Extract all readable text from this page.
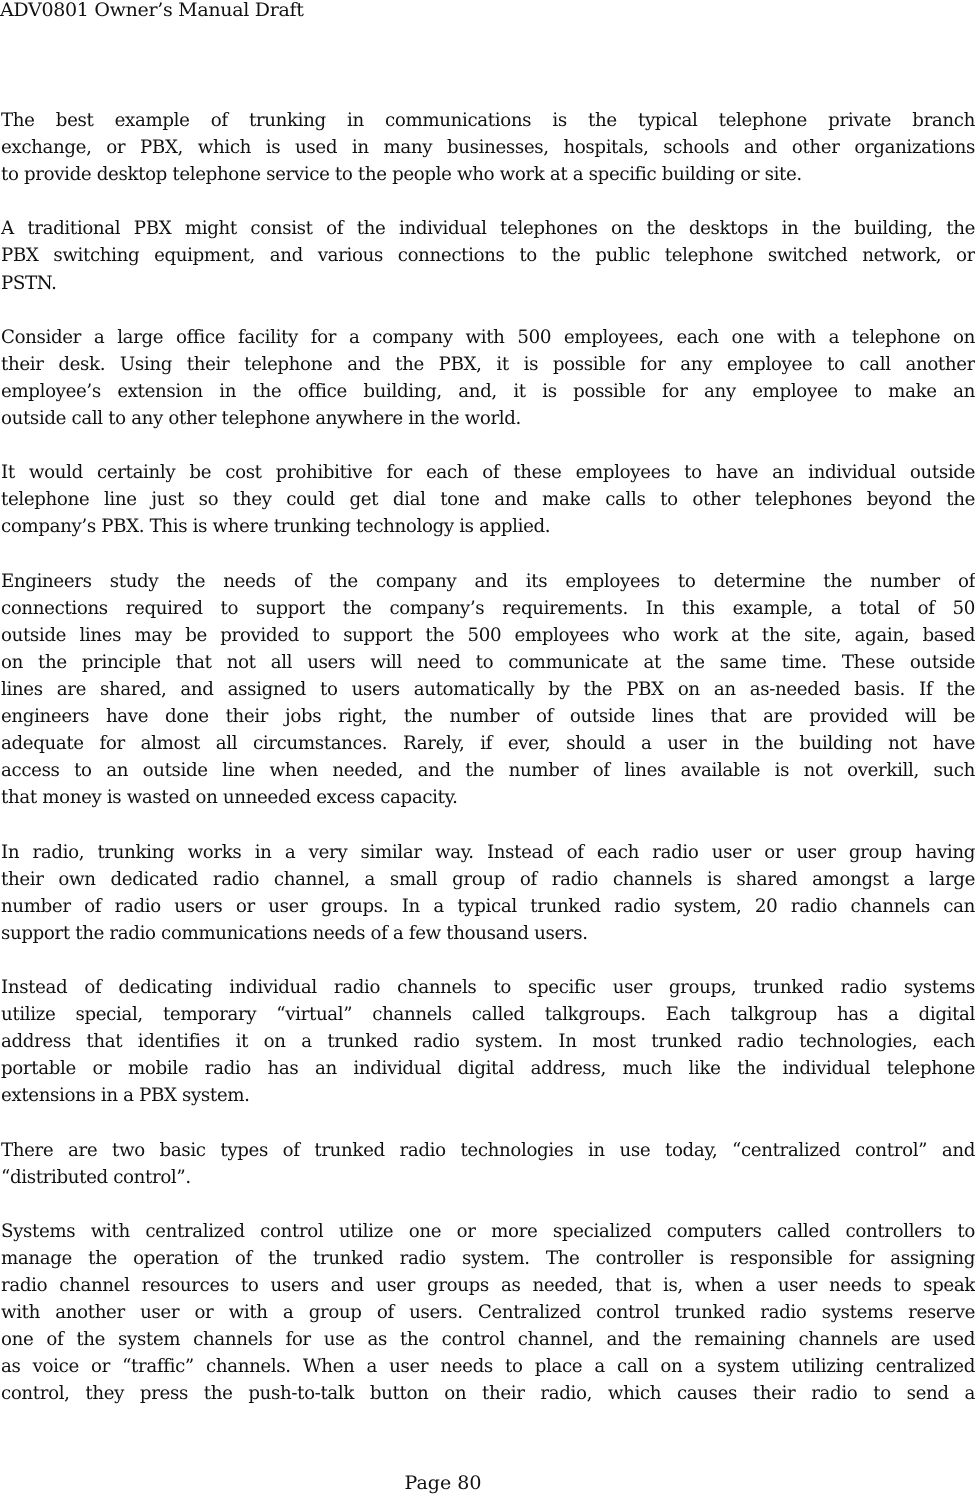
ADV0801 Owner’s Manual Draft
The best example of trunking in communications is the typical telephone private branch
exchange, or PBX, which is used in many businesses, hospitals, schools and other organizations
to provide desktop telephone service to the people who work at a specific building or site.
A traditional PBX might consist of the individual telephones on the desktops in the building, the
PBX switching equipment, and various connections to the public telephone switched network, or
PSTN.
Consider a large office facility for a company with 500 employees, each one with a telephone on
their desk. Using their telephone and the PBX, it is possible for any employee to call another
employee’s extension in the office building, and, it is possible for any employee to make an
outside call to any other telephone anywhere in the world.
It would certainly be cost prohibitive for each of these employees to have an individual outside
telephone line just so they could get dial tone and make calls to other telephones beyond the
company’s PBX. This is where trunking technology is applied.
Engineers study the needs of the company and its employees to determine the number of
connections required to support the company’s requirements. In this example, a total of 50
outside lines may be provided to support the 500 employees who work at the site, again, based
on the principle that not all users will need to communicate at the same time. These outside
lines are shared, and assigned to users automatically by the PBX on an as-needed basis. If the
engineers have done their jobs right, the number of outside lines that are provided will be
adequate for almost all circumstances. Rarely, if ever, should a user in the building not have
access to an outside line when needed, and the number of lines available is not overkill, such
that money is wasted on unneeded excess capacity.
In radio, trunking works in a very similar way. Instead of each radio user or user group having
their own dedicated radio channel, a small group of radio channels is shared amongst a large
number of radio users or user groups. In a typical trunked radio system, 20 radio channels can
support the radio communications needs of a few thousand users.
Instead of dedicating individual radio channels to specific user groups, trunked radio systems
utilize special, temporary “virtual” channels called talkgroups. Each talkgroup has a digital
address that identifies it on a trunked radio system. In most trunked radio technologies, each
portable or mobile radio has an individual digital address, much like the individual telephone
extensions in a PBX system.
There are two basic types of trunked radio technologies in use today, “centralized control” and
“distributed control”.
Systems with centralized control utilize one or more specialized computers called controllers to
manage the operation of the trunked radio system. The controller is responsible for assigning
radio channel resources to users and user groups as needed, that is, when a user needs to speak
with another user or with a group of users. Centralized control trunked radio systems reserve
one of the system channels for use as the control channel, and the remaining channels are used
as voice or “traffic” channels. When a user needs to place a call on a system utilizing centralized
control, they press the push-to-talk button on their radio, which causes their radio to send a
Page 80
